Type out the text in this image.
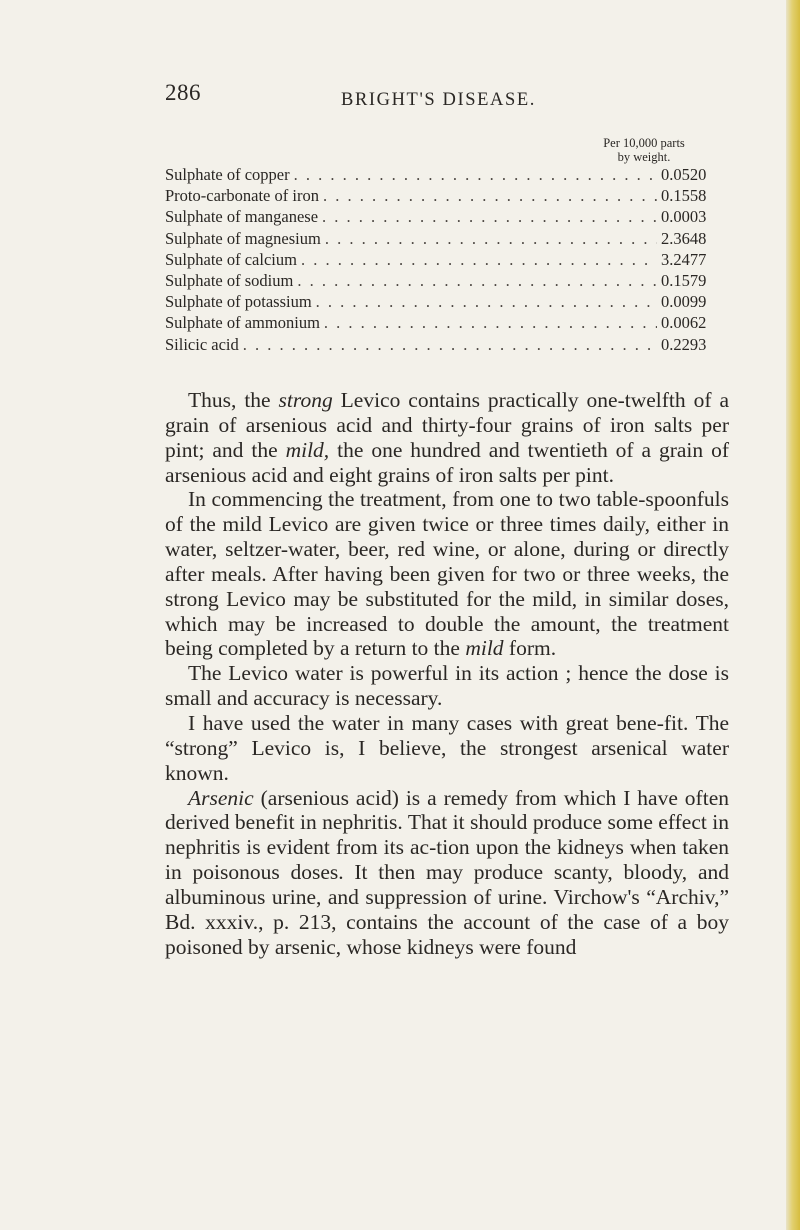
286	BRIGHT'S DISEASE.
Per 10,000 parts
by weight.
Sulphate of copper . . .	0.0520
Proto-carbonate of iron . . .	0.1558
Sulphate of manganese . . .	0.0003
Sulphate of magnesium . . .	2.3648
Sulphate of calcium . . .	3.2477
Sulphate of sodium . . .	0.1579
Sulphate of potassium . . .	0.0099
Sulphate of ammonium . . .	0.0062
Silicic acid . . .	0.2293

Thus, the strong Levico contains practically one-twelfth of a grain of arsenious acid and thirty-four grains of iron salts per pint; and the mild, the one hundred and twentieth of a grain of arsenious acid and eight grains of iron salts per pint.

In commencing the treatment, from one to two table-spoonfuls of the mild Levico are given twice or three times daily, either in water, seltzer-water, beer, red wine, or alone, during or directly after meals. After having been given for two or three weeks, the strong Levico may be substituted for the mild, in similar doses, which may be increased to double the amount, the treatment being completed by a return to the mild form.

The Levico water is powerful in its action ; hence the dose is small and accuracy is necessary.

I have used the water in many cases with great bene-fit. The “strong” Levico is, I believe, the strongest arsenical water known.

Arsenic (arsenious acid) is a remedy from which I have often derived benefit in nephritis. That it should produce some effect in nephritis is evident from its ac-tion upon the kidneys when taken in poisonous doses. It then may produce scanty, bloody, and albuminous urine, and suppression of urine. Virchow's “Archiv,” Bd. xxxiv., p. 213, contains the account of the case of a boy poisoned by arsenic, whose kidneys were found
